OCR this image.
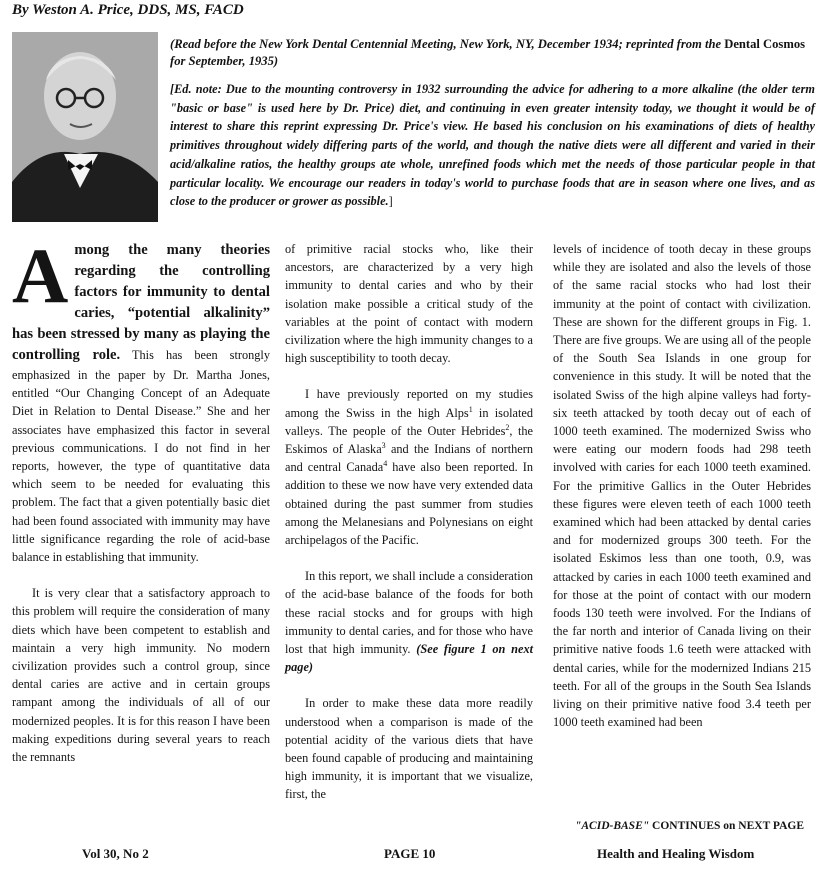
By Weston A. Price, DDS, MS, FACD
(Read before the New York Dental Centennial Meeting, New York, NY, December 1934; reprinted from the Dental Cosmos for September, 1935)
[Ed. note: Due to the mounting controversy in 1932 surrounding the advice for adhering to a more alkaline (the older term "basic or base" is used here by Dr. Price) diet, and continuing in even greater intensity today, we thought it would be of interest to share this reprint expressing Dr. Price's view. He based his conclusion on his examinations of diets of healthy primitives throughout widely differing parts of the world, and though the native diets were all different and varied in their acid/alkaline ratios, the healthy groups ate whole, unrefined foods which met the needs of those particular people in that particular locality. We encourage our readers in today's world to purchase foods that are in season where one lives, and as close to the producer or grower as possible.]

Among the many theories regarding the controlling factors for immunity to dental caries, “potential alkalinity” has been stressed by many as playing the controlling role. This has been strongly emphasized in the paper by Dr. Martha Jones, entitled “Our Changing Concept of an Adequate Diet in Relation to Dental Disease.” She and her associates have emphasized this factor in several previous communications. I do not find in her reports, however, the type of quantitative data which seem to be needed for evaluating this problem. The fact that a given potentially basic diet had been found associated with immunity may have little significance regarding the role of acid-base balance in establishing that immunity.

It is very clear that a satisfactory approach to this problem will require the consideration of many diets which have been competent to establish and maintain a very high immunity. No modern civilization provides such a control group, since dental caries are active and in certain groups rampant among the individuals of all of our modernized peoples. It is for this reason I have been making expeditions during several years to reach the remnants

of primitive racial stocks who, like their ancestors, are characterized by a very high immunity to dental caries and who by their isolation make possible a critical study of the variables at the point of contact with modern civilization where the high immunity changes to a high susceptibility to tooth decay.

I have previously reported on my studies among the Swiss in the high Alps$^1$ in isolated valleys. The people of the Outer Hebrides$^2$, the Eskimos of Alaska$^3$ and the Indians of northern and central Canada$^4$ have also been reported. In addition to these we now have very extended data obtained during the past summer from studies among the Melanesians and Polynesians on eight archipelagos of the Pacific.

In this report, we shall include a consideration of the acid-base balance of the foods for both these racial stocks and for groups with high immunity to dental caries, and for those who have lost that high immunity. (See figure 1 on next page)

In order to make these data more readily understood when a comparison is made of the potential acidity of the various diets that have been found capable of producing and maintaining high immunity, it is important that we visualize, first, the

levels of incidence of tooth decay in these groups while they are isolated and also the levels of those of the same racial stocks who had lost their immunity at the point of contact with civilization. These are shown for the different groups in Fig. 1. There are five groups. We are using all of the people of the South Sea Islands in one group for convenience in this study. It will be noted that the isolated Swiss of the high alpine valleys had forty-six teeth attacked by tooth decay out of each of 1000 teeth examined. The modernized Swiss who were eating our modern foods had 298 teeth involved with caries for each 1000 teeth examined. For the primitive Gallics in the Outer Hebrides these figures were eleven teeth of each 1000 teeth examined which had been attacked by dental caries and for modernized groups 300 teeth. For the isolated Eskimos less than one tooth, 0.9, was attacked by caries in each 1000 teeth examined and for those at the point of contact with our modern foods 130 teeth were involved. For the Indians of the far north and interior of Canada living on their primitive native foods 1.6 teeth were attacked with dental caries, while for the modernized Indians 215 teeth. For all of the groups in the South Sea Islands living on their primitive native food 3.4 teeth per 1000 teeth examined had been

"ACID-BASE" CONTINUES on NEXT PAGE
Vol 30, No 2	PAGE 10	Health and Healing Wisdom
